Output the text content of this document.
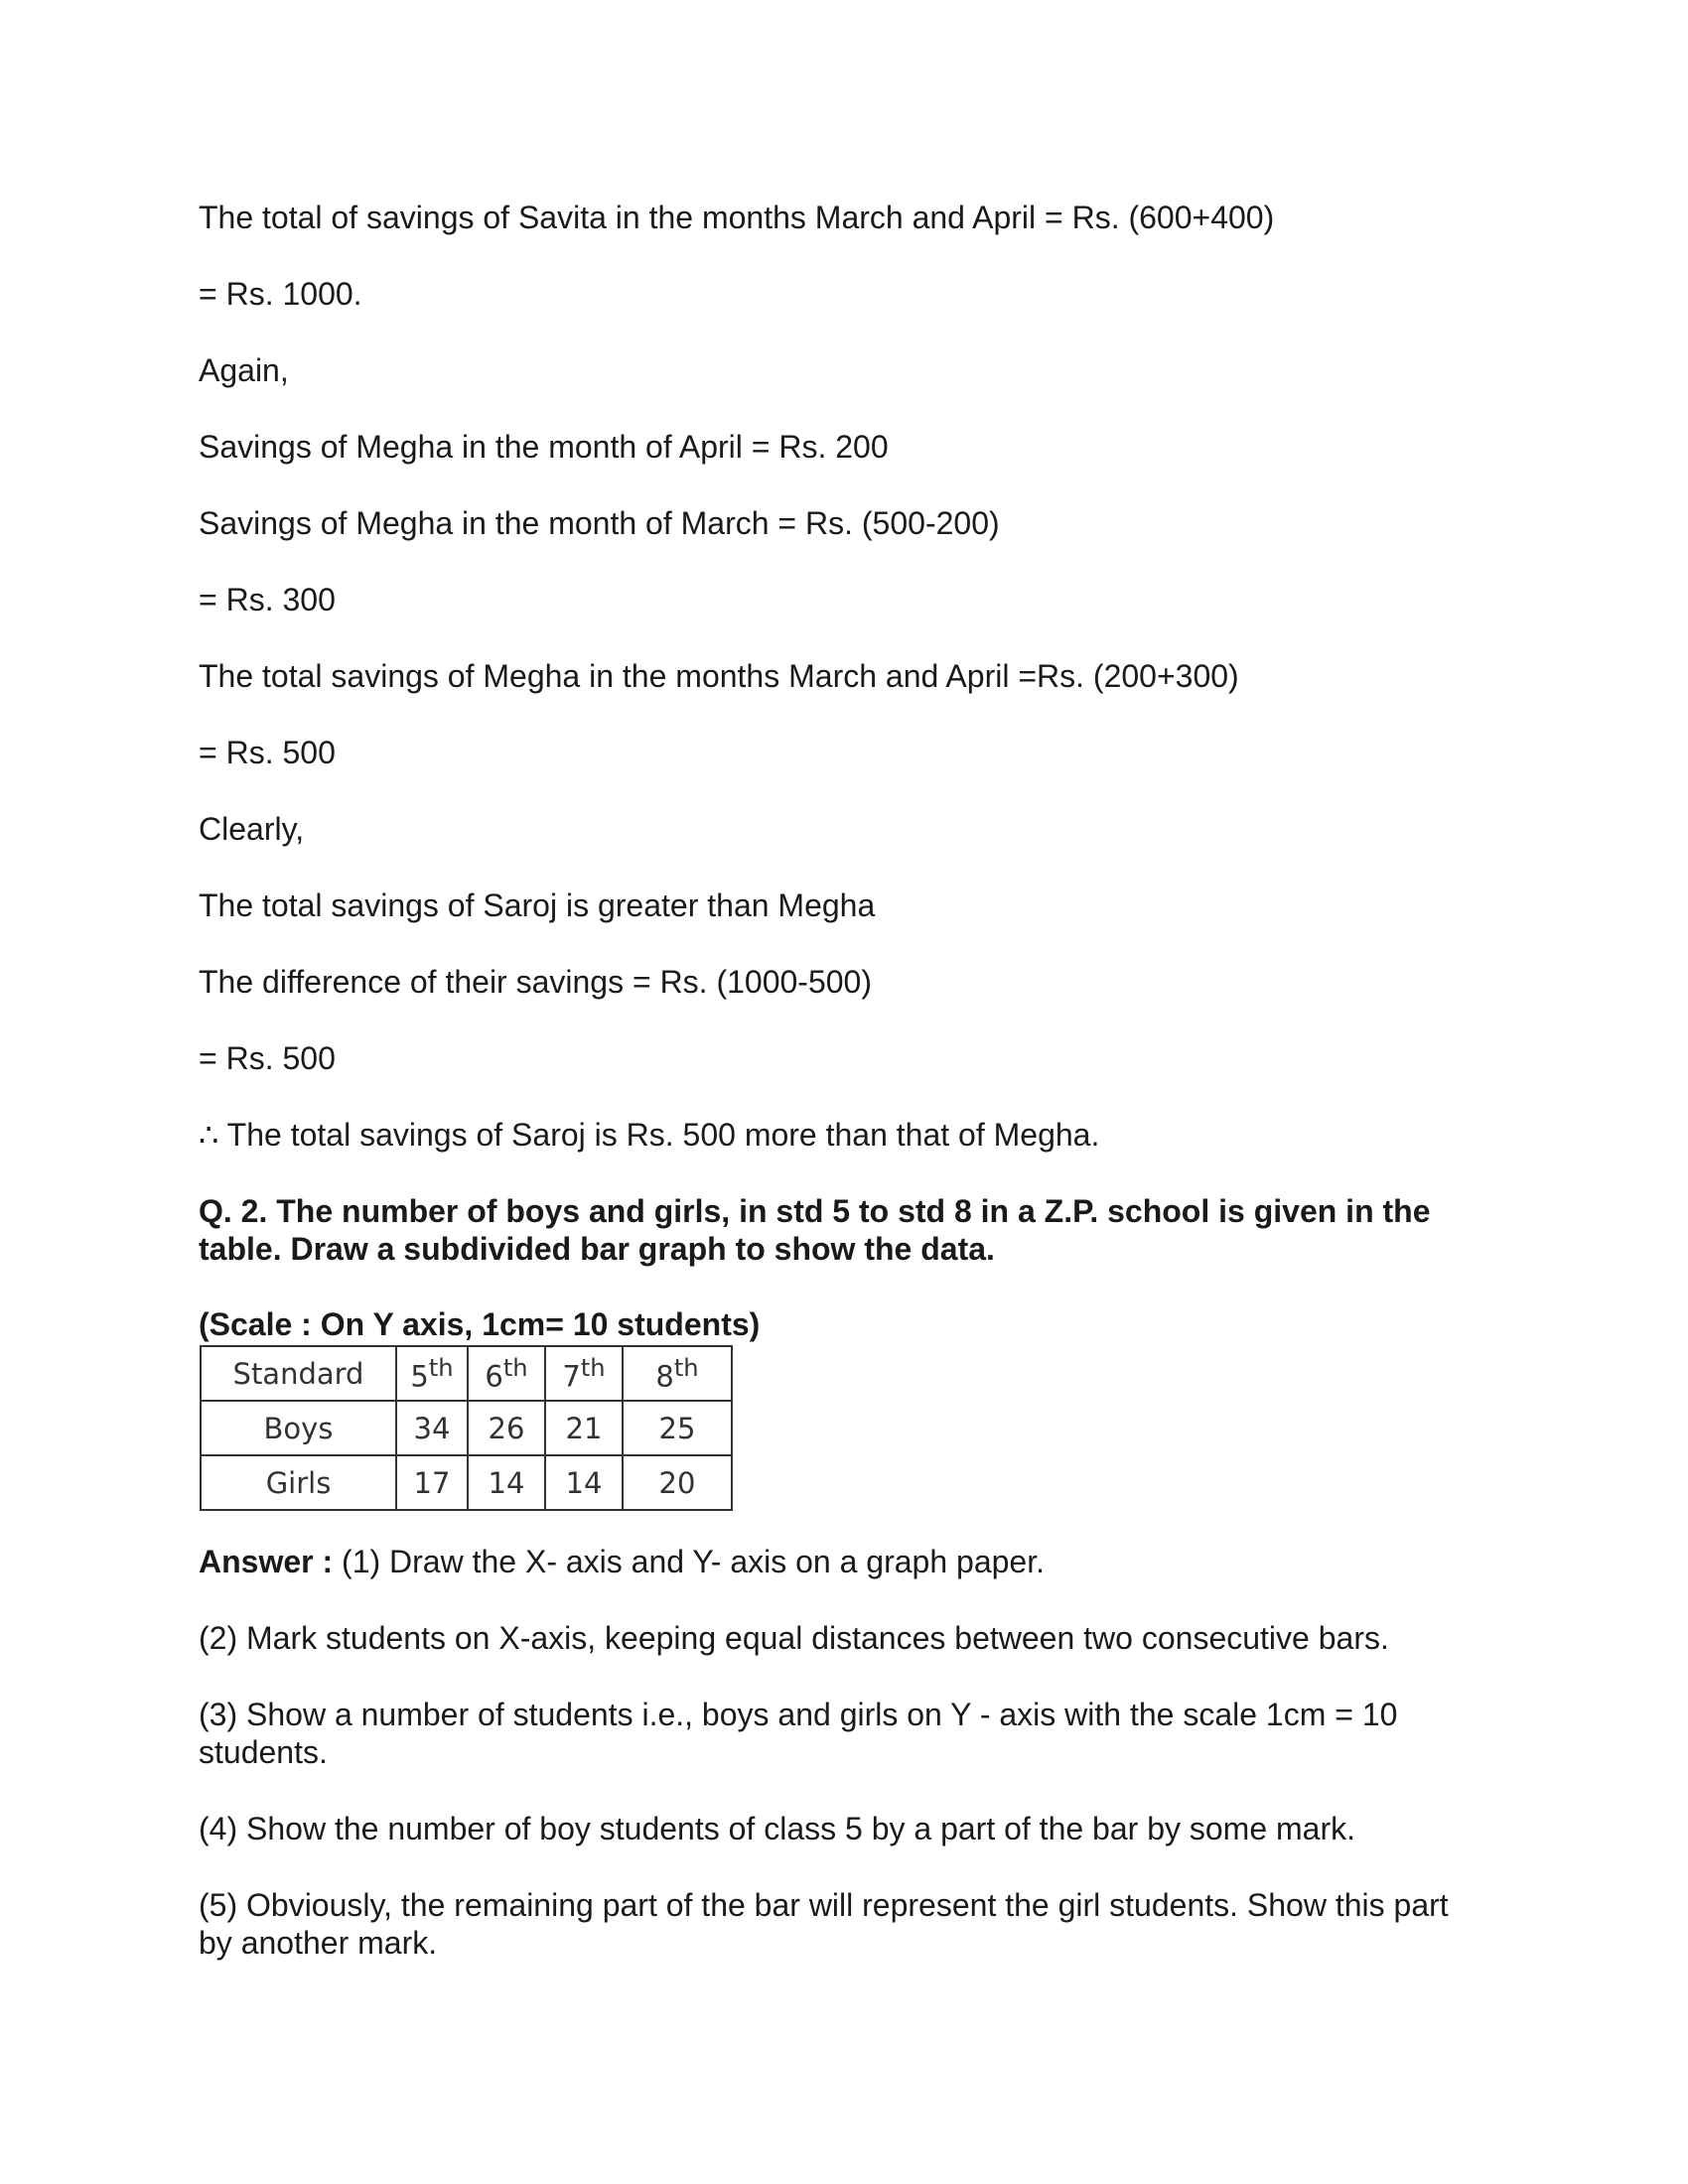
The total of savings of Savita in the months March and April = Rs. (600+400)
= Rs. 1000.
Again,
Savings of Megha in the month of April = Rs. 200
Savings of Megha in the month of March = Rs. (500-200)
= Rs. 300
The total savings of Megha in the months March and April =Rs. (200+300)
= Rs. 500
Clearly,
The total savings of Saroj is greater than Megha
The difference of their savings = Rs. (1000-500)
= Rs. 500
∴ The total savings of Saroj is Rs. 500 more than that of Megha.
Q. 2. The number of boys and girls, in std 5 to std 8 in a Z.P. school is given in the table. Draw a subdivided bar graph to show the data.
(Scale : On Y axis, 1cm= 10 students)
Standard	5th	6th	7th	8th
Boys	34	26	21	25
Girls	17	14	14	20
Answer : (1) Draw the X- axis and Y- axis on a graph paper.
(2) Mark students on X-axis, keeping equal distances between two consecutive bars.
(3) Show a number of students i.e., boys and girls on Y - axis with the scale 1cm = 10 students.
(4) Show the number of boy students of class 5 by a part of the bar by some mark.
(5) Obviously, the remaining part of the bar will represent the girl students. Show this part by another mark.
